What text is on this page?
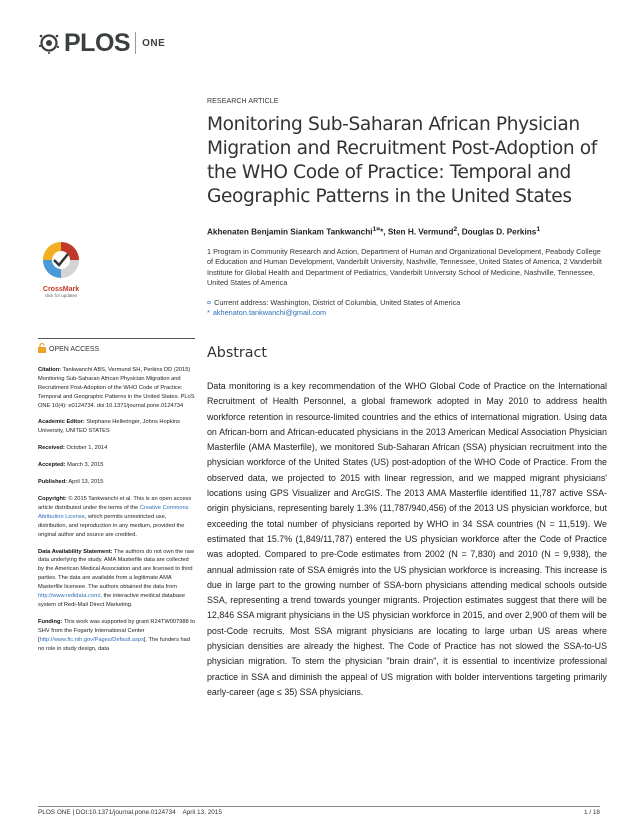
PLOS ONE
RESEARCH ARTICLE
Monitoring Sub-Saharan African Physician Migration and Recruitment Post-Adoption of the WHO Code of Practice: Temporal and Geographic Patterns in the United States
Akhenaten Benjamin Siankam Tankwanchi$^{1¤}$*, Sten H. Vermund$^2$, Douglas D. Perkins$^1$
1 Program in Community Research and Action, Department of Human and Organizational Development, Peabody College of Education and Human Development, Vanderbilt University, Nashville, Tennessee, United States of America, 2 Vanderbilt Institute for Global Health and Department of Pediatrics, Vanderbilt University School of Medicine, Nashville, Tennessee, United States of America
¤ Current address: Washington, District of Columbia, United States of America
* akhenaton.tankwanchi@gmail.com
CrossMark
click for updates
OPEN ACCESS

Citation: Tankwanchi ABS, Vermund SH, Perkins DD (2015) Monitoring Sub-Saharan African Physician Migration and Recruitment Post-Adoption of the WHO Code of Practice: Temporal and Geographic Patterns in the United States. PLoS ONE 10(4): e0124734. doi:10.1371/journal.pone.0124734

Academic Editor: Stephane Helleringer, Johns Hopkins University, UNITED STATES

Received: October 1, 2014

Accepted: March 3, 2015

Published: April 13, 2015

Copyright: © 2015 Tankwanchi et al. This is an open access article distributed under the terms of the Creative Commons Attribution License, which permits unrestricted use, distribution, and reproduction in any medium, provided the original author and source are credited.

Data Availability Statement: The authors do not own the raw data underlying the study. AMA Masterfile data are collected by the American Medical Association and are licensed to third parties. The data are available from a legitimate AMA Masterfile licensee. The authors obtained the data from http://www.redidata.com/, the interactive medical database system of Redi-Mail Direct Marketing.

Funding: This work was supported by grant R24TW007988 to SHV from the Fogarty International Center [http://www.fic.nih.gov/Pages/Default.aspx]. The funders had no role in study design, data

Abstract
Data monitoring is a key recommendation of the WHO Global Code of Practice on the International Recruitment of Health Personnel, a global framework adopted in May 2010 to address health workforce retention in resource-limited countries and the ethics of international migration. Using data on African-born and African-educated physicians in the 2013 American Medical Association Physician Masterfile (AMA Masterfile), we monitored Sub-Saharan African (SSA) physician recruitment into the physician workforce of the United States (US) post-adoption of the WHO Code of Practice. From the observed data, we projected to 2015 with linear regression, and we mapped migrant physicians' locations using GPS Visualizer and ArcGIS. The 2013 AMA Masterfile identified 11,787 active SSA-origin physicians, representing barely 1.3% (11,787/940,456) of the 2013 US physician workforce, but exceeding the total number of physicians reported by WHO in 34 SSA countries (N = 11,519). We estimated that 15.7% (1,849/11,787) entered the US physician workforce after the Code of Practice was adopted. Compared to pre-Code estimates from 2002 (N = 7,830) and 2010 (N = 9,938), the annual admission rate of SSA émigrés into the US physician workforce is increasing. This increase is due in large part to the growing number of SSA-born physicians attending medical schools outside SSA, representing a trend towards younger migrants. Projection estimates suggest that there will be 12,846 SSA migrant physicians in the US physician workforce in 2015, and over 2,900 of them will be post-Code recruits. Most SSA migrant physicians are locating to large urban US areas where physician densities are already the highest. The Code of Practice has not slowed the SSA-to-US physician migration. To stem the physician "brain drain", it is essential to incentivize professional practice in SSA and diminish the appeal of US migration with bolder interventions targeting primarily early-career (age ≤ 35) SSA physicians.
PLOS ONE | DOI:10.1371/journal.pone.0124734    April 13, 2015	1 / 18
